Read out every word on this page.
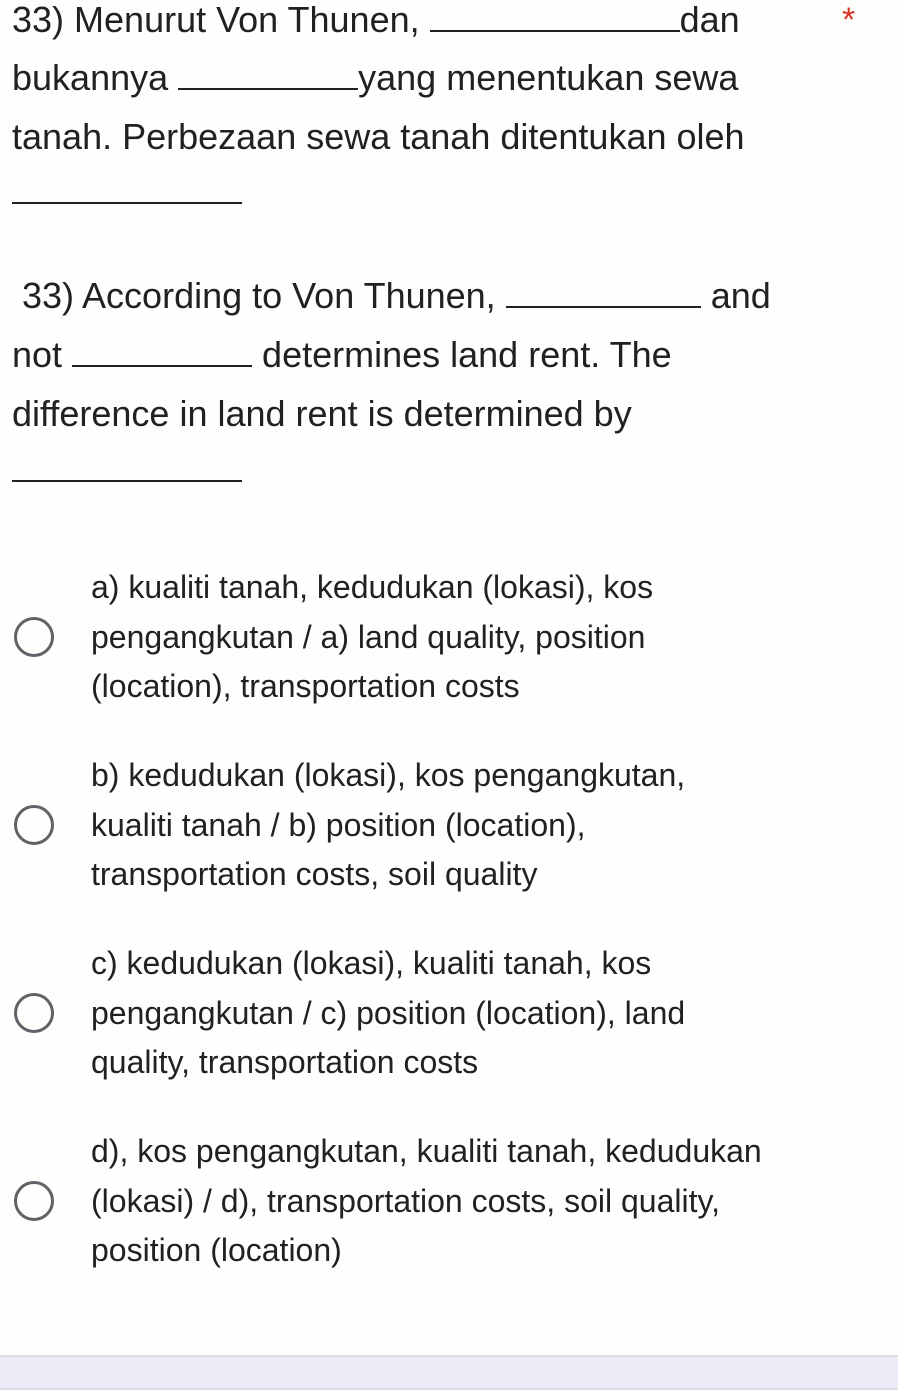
33) Menurut Von Thunen,	dan	*
bukannya	yang menentukan sewa
tanah. Perbezaan sewa tanah ditentukan oleh
33) According to Von Thunen,	and
not	determines land rent. The
difference in land rent is determined by
a) kualiti tanah, kedudukan (lokasi), kos
pengangkutan / a) land quality, position
(location), transportation costs
b) kedudukan (lokasi), kos pengangkutan,
kualiti tanah / b) position (location),
transportation costs, soil quality
c) kedudukan (lokasi), kualiti tanah, kos
pengangkutan / c) position (location), land
quality, transportation costs
d), kos pengangkutan, kualiti tanah, kedudukan
(lokasi) / d), transportation costs, soil quality,
position (location)
